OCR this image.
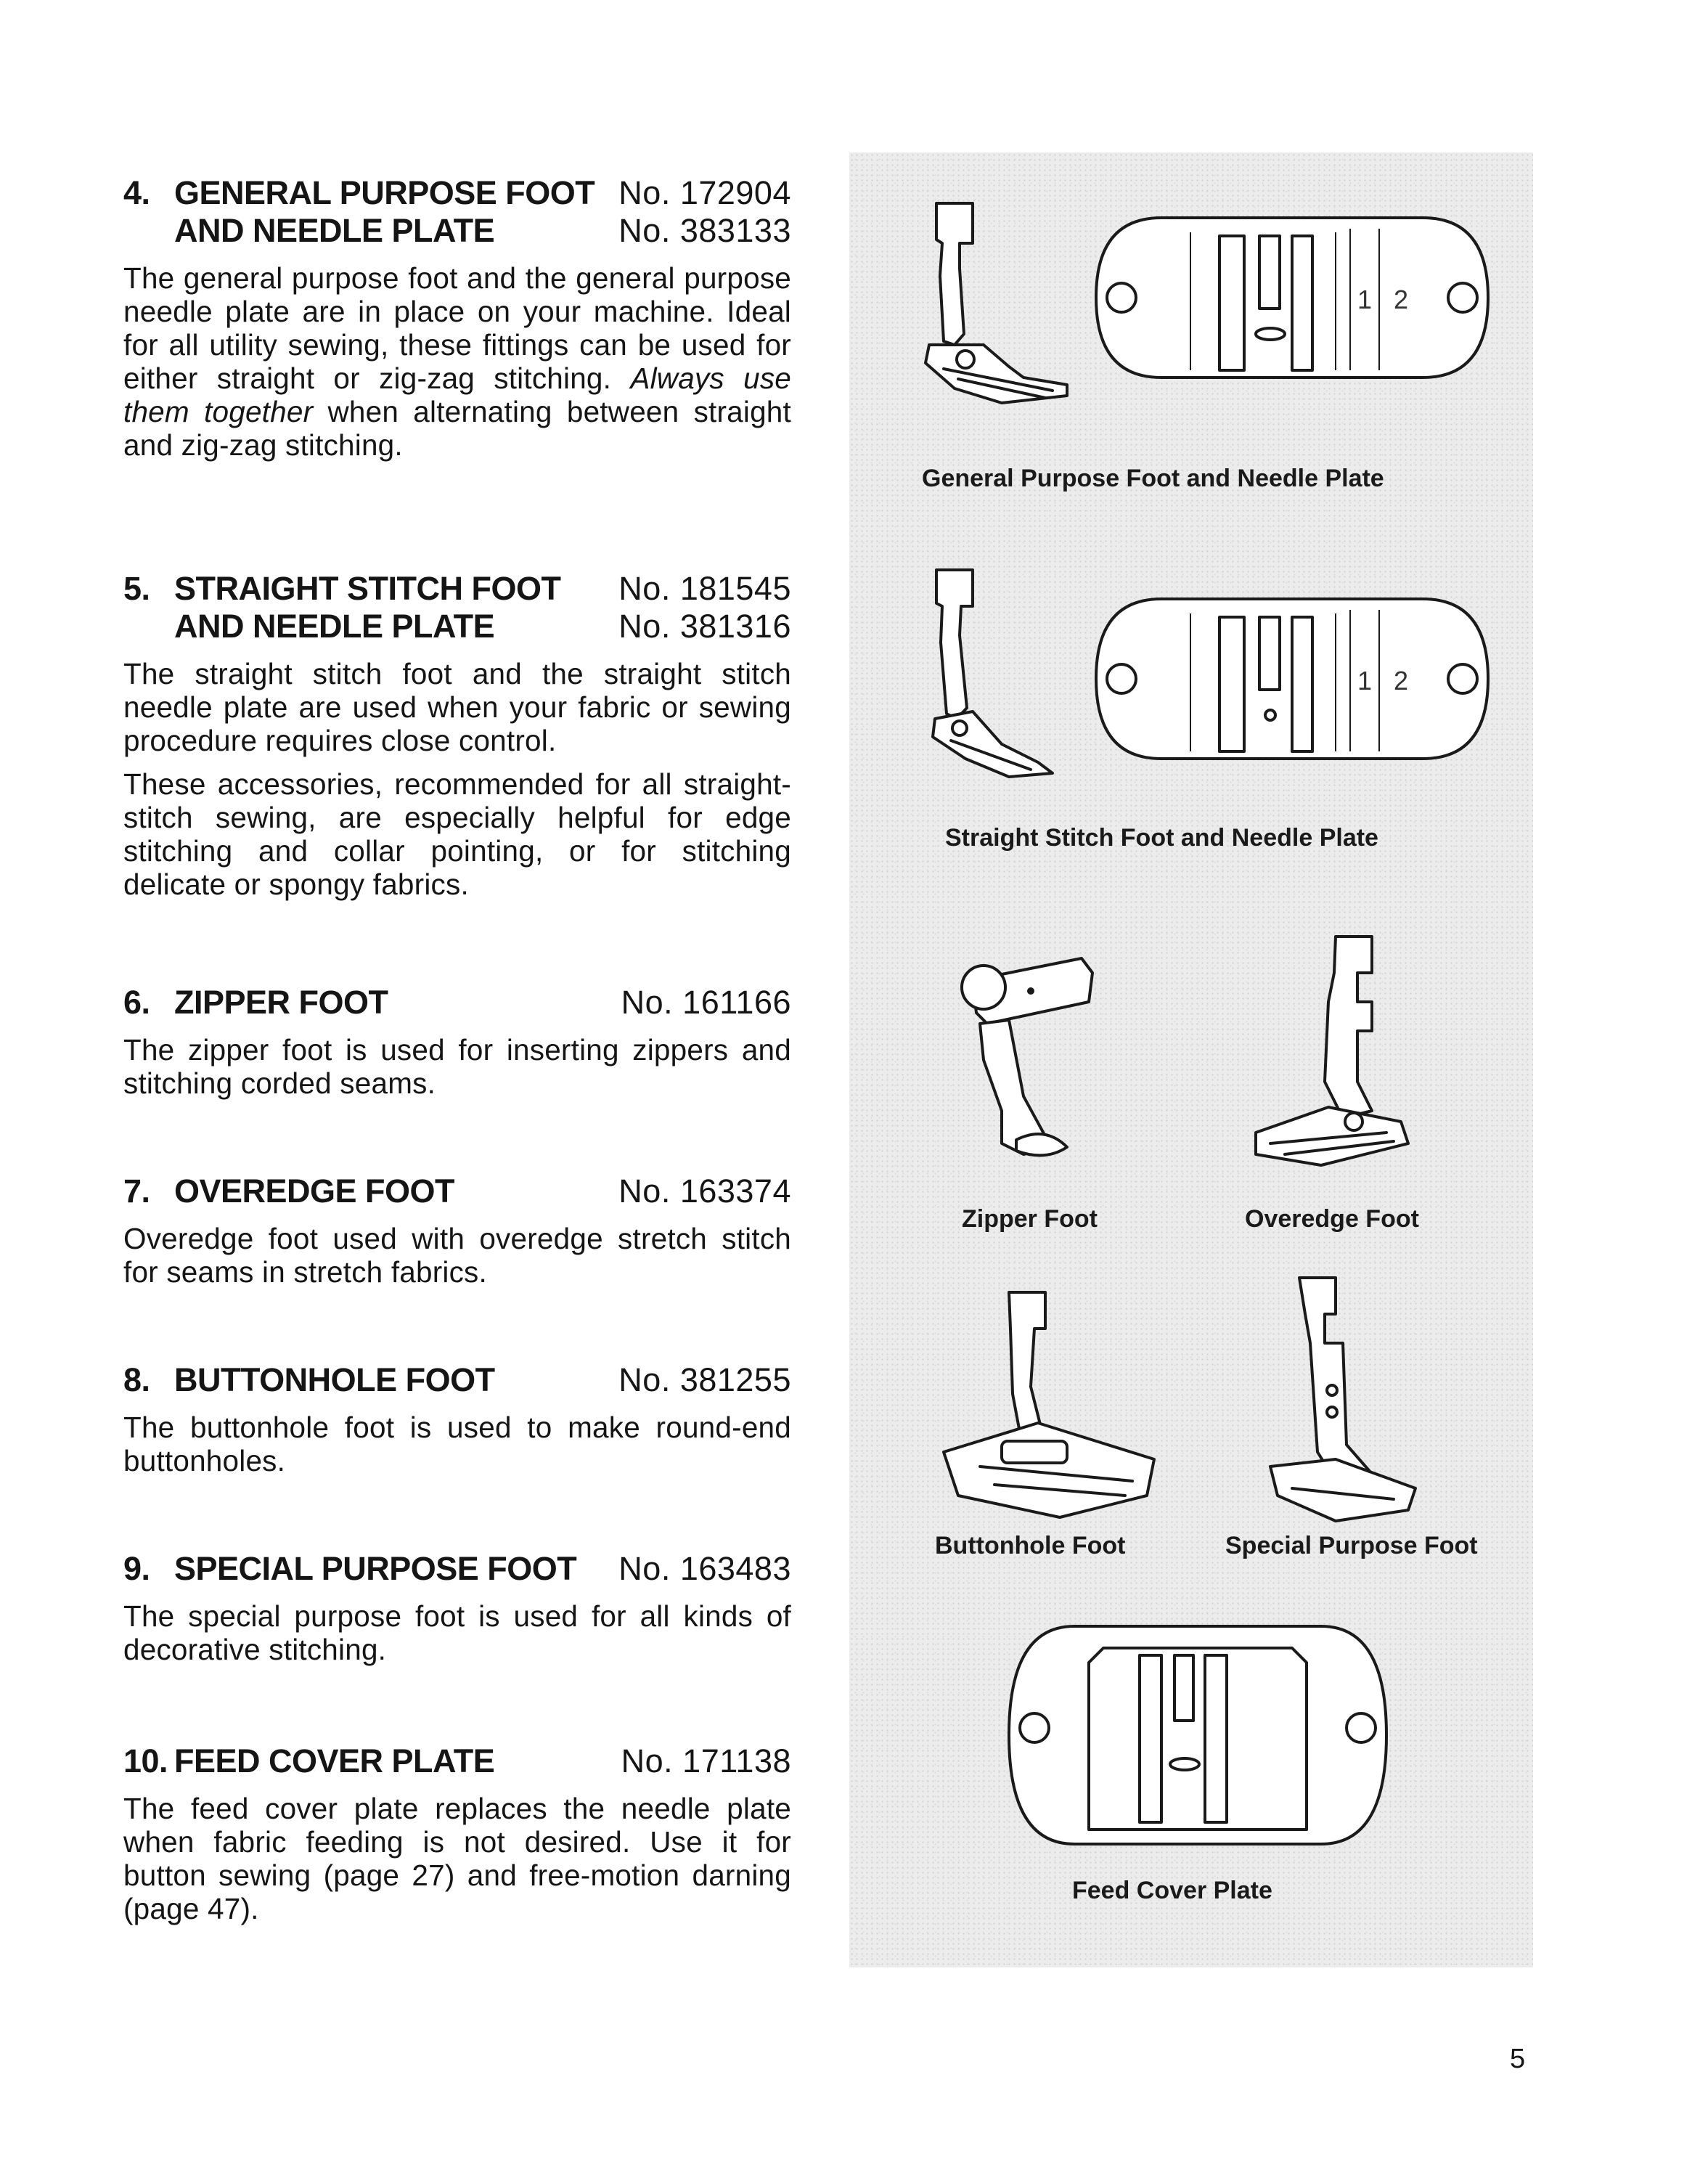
4. GENERAL PURPOSE FOOT No. 172904
AND NEEDLE PLATE	No. 383133

The general purpose foot and the general purpose needle plate are in place on your machine. Ideal for all utility sewing, these fittings can be used for either straight or zig-zag stitching. Always use them together when alternating between straight and zig-zag stitching.

5. STRAIGHT STITCH FOOT No. 181545
AND NEEDLE PLATE	No. 381316

The straight stitch foot and the straight stitch needle plate are used when your fabric or sewing procedure requires close control.

These accessories, recommended for all straight-stitch sewing, are especially helpful for edge stitching and collar pointing, or for stitching delicate or spongy fabrics.

6. ZIPPER FOOT	No. 161166

The zipper foot is used for inserting zippers and stitching corded seams.

7. OVEREDGE FOOT	No. 163374

Overedge foot used with overedge stretch stitch for seams in stretch fabrics.

8. BUTTONHOLE FOOT	No. 381255

The buttonhole foot is used to make round-end buttonholes.

9. SPECIAL PURPOSE FOOT No. 163483

The special purpose foot is used for all kinds of decorative stitching.

10. FEED COVER PLATE	No. 171138

The feed cover plate replaces the needle plate when fabric feeding is not desired. Use it for button sewing (page 27) and free-motion darning (page 47).

1 2
General Purpose Foot and Needle Plate
1 2
Straight Stitch Foot and Needle Plate
Zipper Foot	Overedge Foot
Buttonhole Foot	Special Purpose Foot
Feed Cover Plate
5
